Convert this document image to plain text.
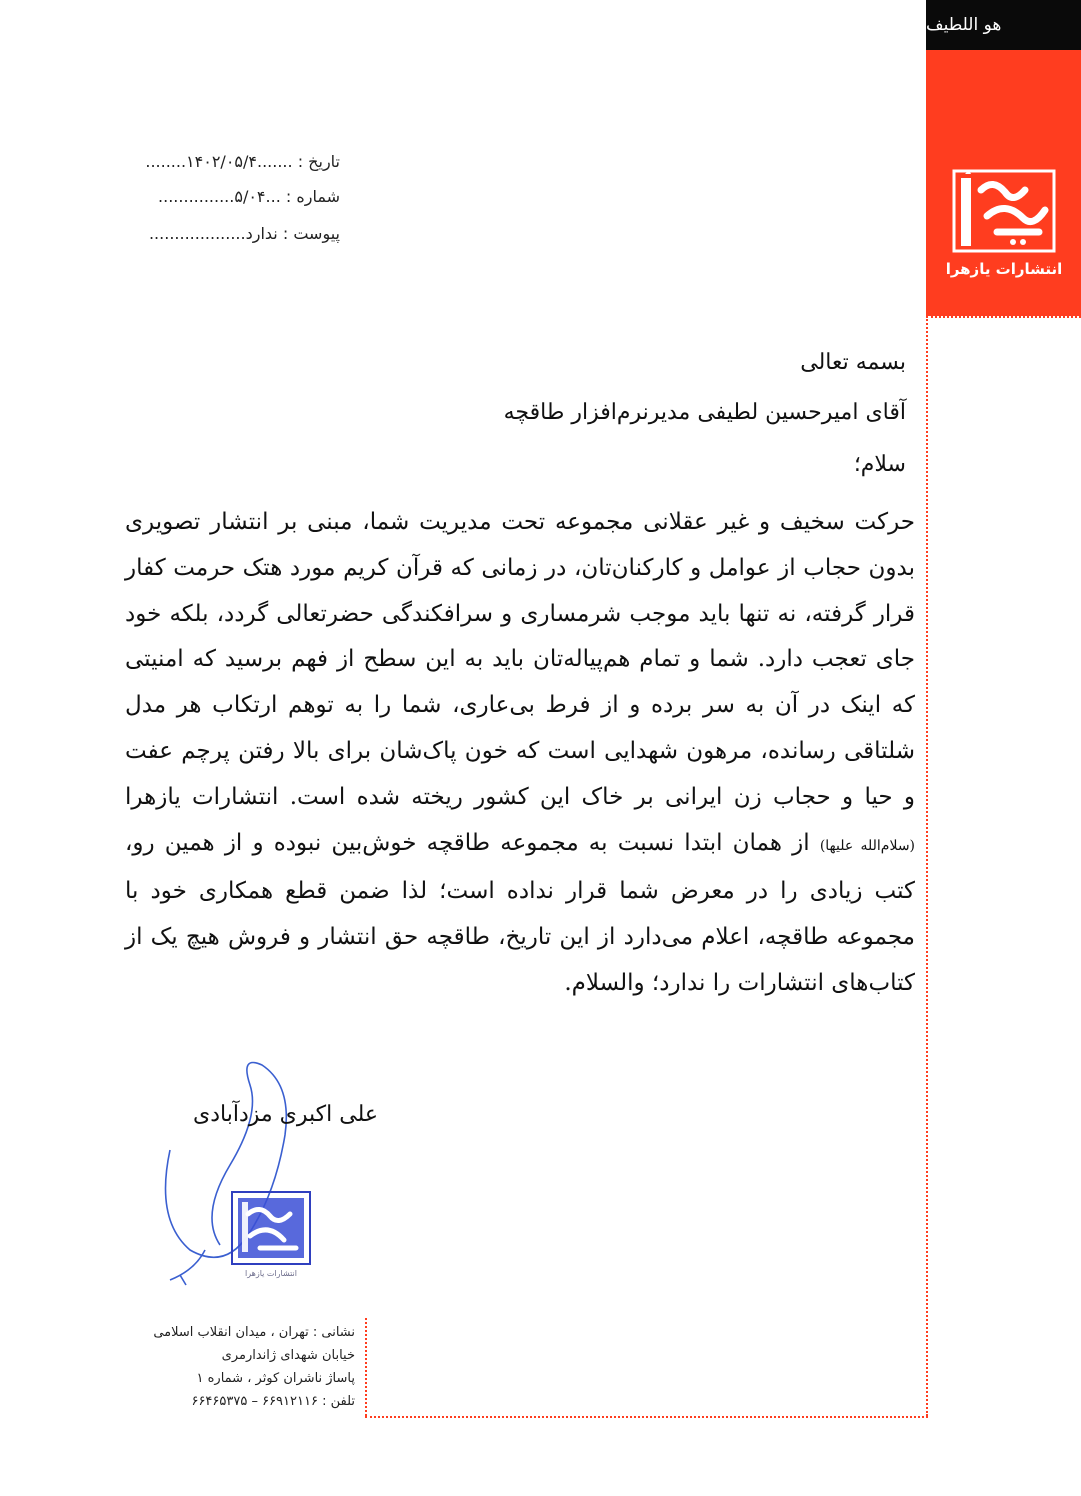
هو اللطیف
انتشارات یازهرا
تاریخ : .......۱۴۰۲/۰۵/۴........
شماره : ...۵/۰۴...............
پیوست : ندارد...................
بسمه تعالی
آقای امیرحسین لطیفی مدیرنرم‌افزار طاقچه
سلام؛
حرکت سخیف و غیر عقلانی مجموعه تحت مدیریت شما، مبنی بر انتشار تصویری بدون حجاب از عوامل و کارکنان‌تان، در زمانی که قرآن کریم مورد هتک حرمت کفار قرار گرفته، نه تنها باید موجب شرمساری و سرافکندگی حضرتعالی گردد، بلکه خود جای تعجب دارد. شما و تمام هم‌پیاله‌تان باید به این سطح از فهم برسید که امنیتی که اینک در آن به سر برده و از فرط بی‌عاری، شما را به توهم ارتکاب هر مدل شلتاقی رسانده، مرهون شهدایی است که خون پاک‌شان برای بالا رفتن پرچم عفت و حیا و حجاب زن ایرانی بر خاک این کشور ریخته شده است. انتشارات یازهرا (سلام‌الله علیها) از همان ابتدا نسبت به مجموعه طاقچه خوش‌بین نبوده و از همین رو، کتب زیادی را در معرض شما قرار نداده است؛ لذا ضمن قطع همکاری خود با مجموعه طاقچه، اعلام می‌دارد از این تاریخ، طاقچه حق انتشار و فروش هیچ یک از کتاب‌های انتشارات را ندارد؛ والسلام.
علی اکبری مزدآبادی
انتشارات یازهرا
نشانی : تهران ، میدان انقلاب اسلامی
خیابان شهدای ژاندارمری
پاساژ ناشران کوثر ، شماره ۱
تلفن : ۶۶۹۱۲۱۱۶ – ۶۶۴۶۵۳۷۵
